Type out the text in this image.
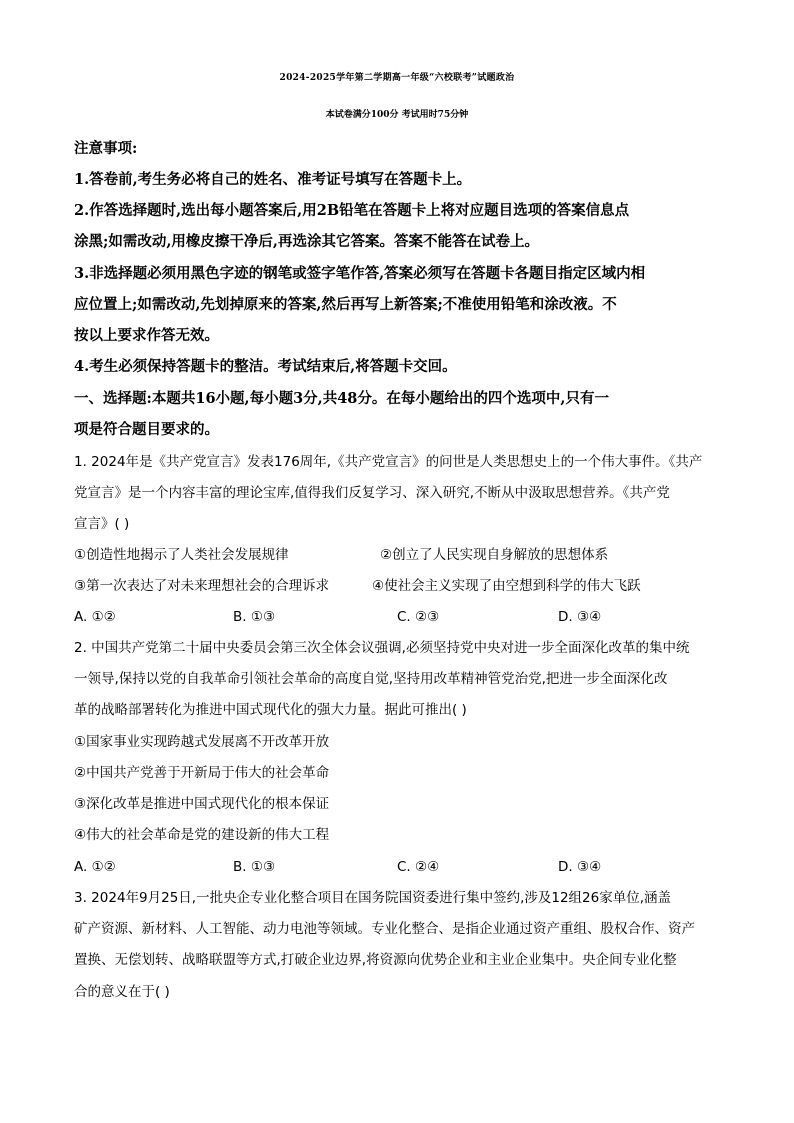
2024-2025学年第二学期高一年级“六校联考”试题政治
本试卷满分100分 考试用时75分钟
注意事项:
1.答卷前,考生务必将自己的姓名、准考证号填写在答题卡上。
2.作答选择题时,选出每小题答案后,用2B铅笔在答题卡上将对应题目选项的答案信息点
涂黑;如需改动,用橡皮擦干净后,再选涂其它答案。答案不能答在试卷上。
3.非选择题必须用黑色字迹的钢笔或签字笔作答,答案必须写在答题卡各题目指定区域内相
应位置上;如需改动,先划掉原来的答案,然后再写上新答案;不准使用铅笔和涂改液。不
按以上要求作答无效。
4.考生必须保持答题卡的整洁。考试结束后,将答题卡交回。
一、选择题:本题共16小题,每小题3分,共48分。在每小题给出的四个选项中,只有一
项是符合题目要求的。
1. 2024年是《共产党宣言》发表176周年,《共产党宣言》的问世是人类思想史上的一个伟大事件。《共产
党宣言》是一个内容丰富的理论宝库,值得我们反复学习、深入研究,不断从中汲取思想营养。《共产党
宣言》( )
①创造性地揭示了人类社会发展规律	②创立了人民实现自身解放的思想体系
③第一次表达了对未来理想社会的合理诉求	④使社会主义实现了由空想到科学的伟大飞跃
A. ①②	B. ①③	C. ②③	D. ③④
2. 中国共产党第二十届中央委员会第三次全体会议强调,必须坚持党中央对进一步全面深化改革的集中统
一领导,保持以党的自我革命引领社会革命的高度自觉,坚持用改革精神管党治党,把进一步全面深化改
革的战略部署转化为推进中国式现代化的强大力量。据此可推出( )
①国家事业实现跨越式发展离不开改革开放
②中国共产党善于开新局于伟大的社会革命
③深化改革是推进中国式现代化的根本保证
④伟大的社会革命是党的建设新的伟大工程
A. ①②	B. ①③	C. ②④	D. ③④
3. 2024年9月25日,一批央企专业化整合项目在国务院国资委进行集中签约,涉及12组26家单位,涵盖
矿产资源、新材料、人工智能、动力电池等领域。专业化整合、是指企业通过资产重组、股权合作、资产
置换、无偿划转、战略联盟等方式,打破企业边界,将资源向优势企业和主业企业集中。央企间专业化整
合的意义在于( )
